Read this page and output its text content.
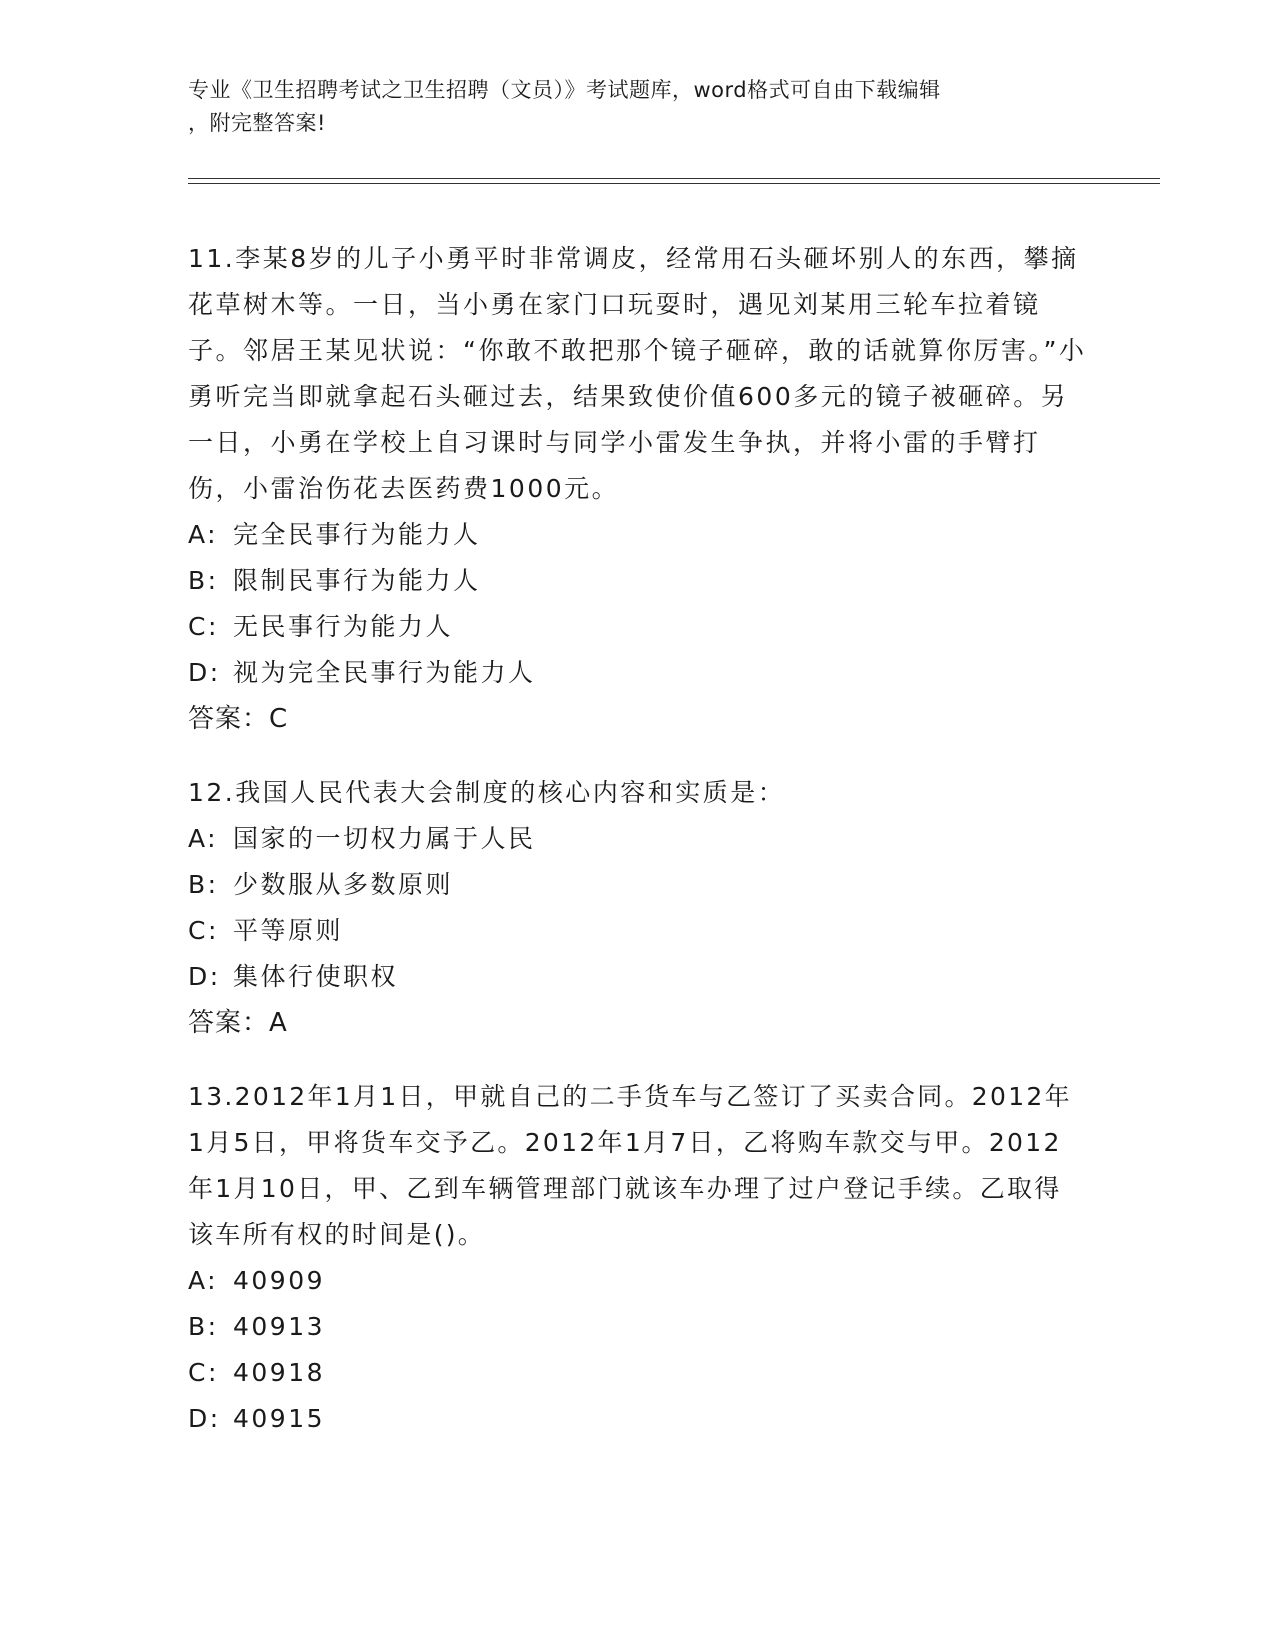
专业《卫生招聘考试之卫生招聘（文员）》考试题库，word格式可自由下载编辑
，附完整答案!

11.李某8岁的儿子小勇平时非常调皮，经常用石头砸坏别人的东西，攀摘花草树木等。一日，当小勇在家门口玩耍时，遇见刘某用三轮车拉着镜子。邻居王某见状说：“你敢不敢把那个镜子砸碎，敢的话就算你厉害。”小勇听完当即就拿起石头砸过去，结果致使价值600多元的镜子被砸碎。另一日，小勇在学校上自习课时与同学小雷发生争执，并将小雷的手臂打伤，小雷治伤花去医药费1000元。

A: 完全民事行为能力人

B: 限制民事行为能力人

C: 无民事行为能力人

D: 视为完全民事行为能力人

答案：C

12.我国人民代表大会制度的核心内容和实质是：

A: 国家的一切权力属于人民

B: 少数服从多数原则

C: 平等原则

D: 集体行使职权

答案：A

13.2012年1月1日，甲就自己的二手货车与乙签订了买卖合同。2012年1月5日，甲将货车交予乙。2012年1月7日，乙将购车款交与甲。2012年1月10日，甲、乙到车辆管理部门就该车办理了过户登记手续。乙取得该车所有权的时间是()。

A: 40909

B: 40913

C: 40918

D: 40915
